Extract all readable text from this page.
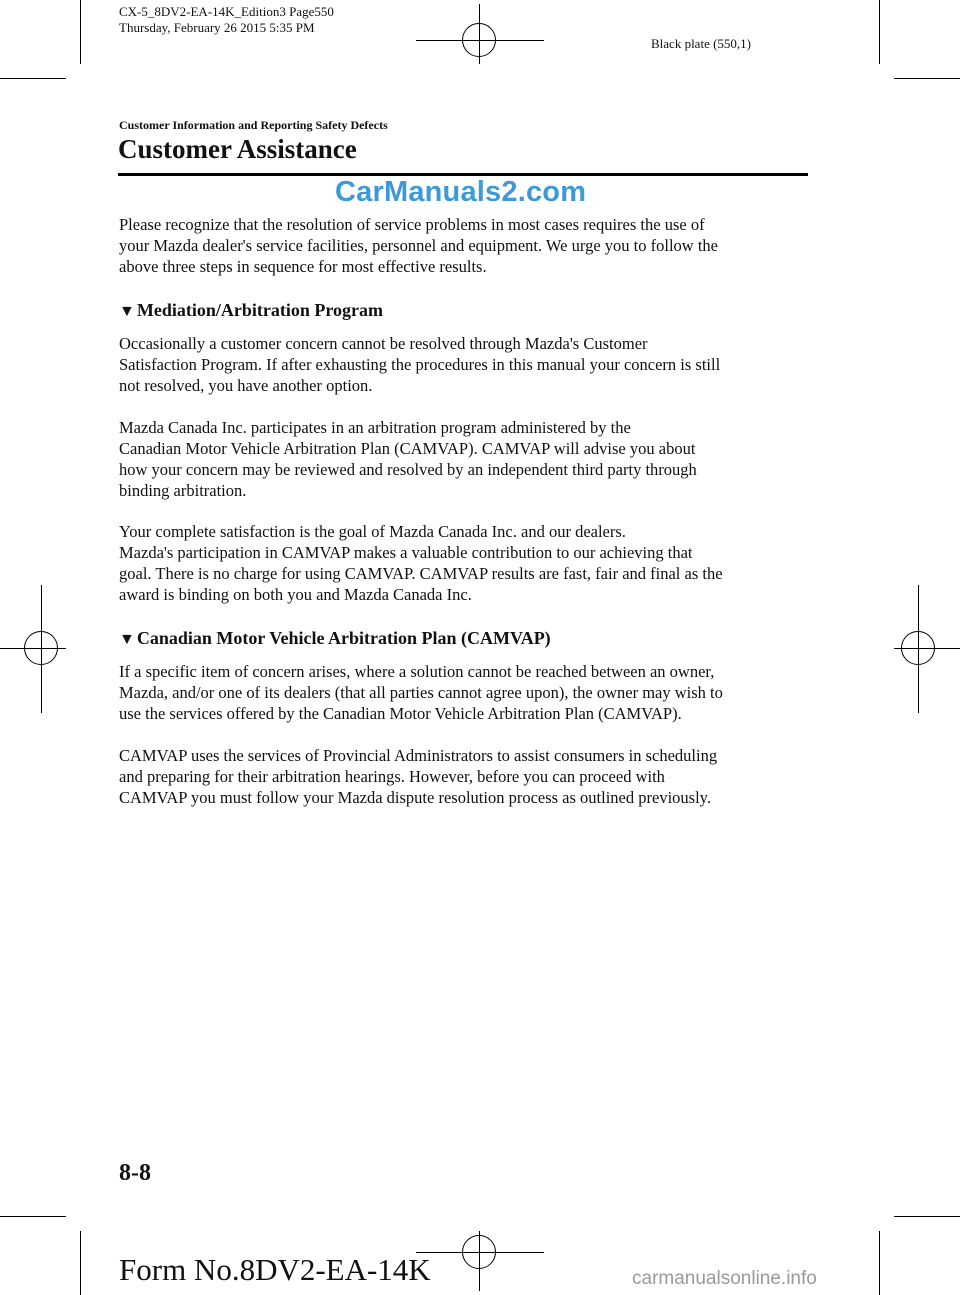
CX-5_8DV2-EA-14K_Edition3 Page550
Thursday, February 26 2015 5:35 PM
Black plate (550,1)
Customer Information and Reporting Safety Defects
Customer Assistance
CarManuals2.com
Please recognize that the resolution of service problems in most cases requires the use of
your Mazda dealer's service facilities, personnel and equipment. We urge you to follow the
above three steps in sequence for most effective results.
▼ Mediation/Arbitration Program
Occasionally a customer concern cannot be resolved through Mazda's Customer
Satisfaction Program. If after exhausting the procedures in this manual your concern is still
not resolved, you have another option.
Mazda Canada Inc. participates in an arbitration program administered by the
Canadian Motor Vehicle Arbitration Plan (CAMVAP). CAMVAP will advise you about
how your concern may be reviewed and resolved by an independent third party through
binding arbitration.
Your complete satisfaction is the goal of Mazda Canada Inc. and our dealers.
Mazda's participation in CAMVAP makes a valuable contribution to our achieving that
goal. There is no charge for using CAMVAP. CAMVAP results are fast, fair and final as the
award is binding on both you and Mazda Canada Inc.
▼ Canadian Motor Vehicle Arbitration Plan (CAMVAP)
If a specific item of concern arises, where a solution cannot be reached between an owner,
Mazda, and/or one of its dealers (that all parties cannot agree upon), the owner may wish to
use the services offered by the Canadian Motor Vehicle Arbitration Plan (CAMVAP).
CAMVAP uses the services of Provincial Administrators to assist consumers in scheduling
and preparing for their arbitration hearings. However, before you can proceed with
CAMVAP you must follow your Mazda dispute resolution process as outlined previously.
8-8
Form No.8DV2-EA-14K	carmanualsonline.info
